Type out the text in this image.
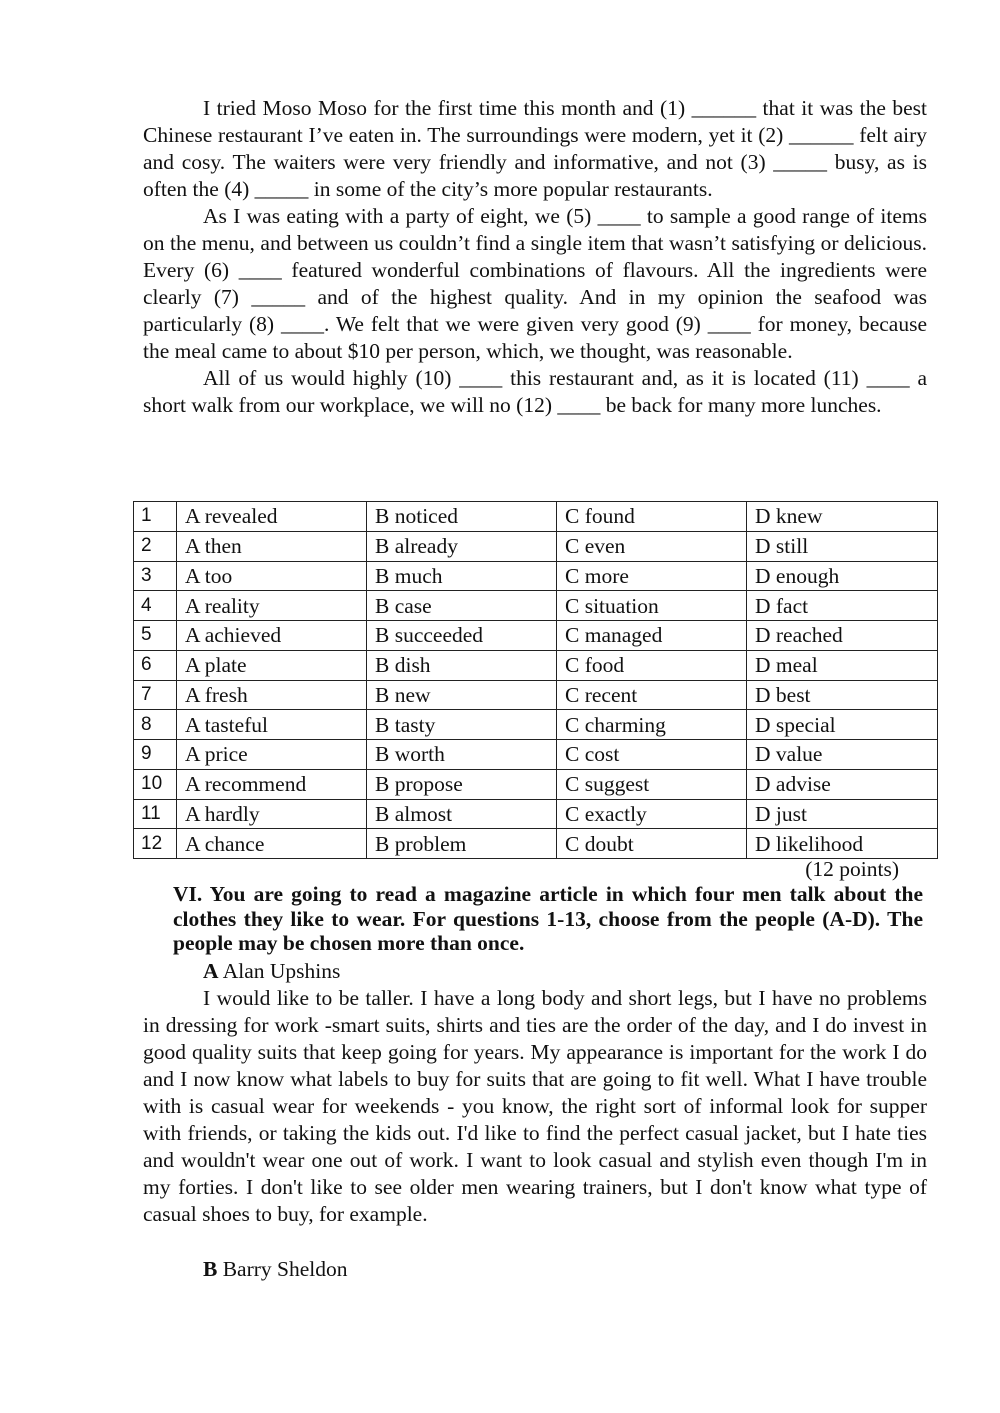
I tried Moso Moso for the first time this month and (1) ______ that it was the best Chinese restaurant I’ve eaten in. The surroundings were modern, yet it (2) ______ felt airy and cosy. The waiters were very friendly and informative, and not (3) _____ busy, as is often the (4) _____ in some of the city’s more popular restaurants.

As I was eating with a party of eight, we (5) ____ to sample a good range of items on the menu, and between us couldn’t find a single item that wasn’t satisfying or delicious. Every (6) ____ featured wonderful combinations of flavours. All the ingredients were clearly (7) _____ and of the highest quality. And in my opinion the seafood was particularly (8) ____. We felt that we were given very good (9) ____ for money, because the meal came to about $10 per person, which, we thought, was reasonable.

All of us would highly (10) ____ this restaurant and, as it is located (11) ____ a short walk from our workplace, we will no (12) ____ be back for many more lunches.

1	A revealed	B noticed	C found	D knew
2	A then	B already	C even	D still
3	A too	B much	C more	D enough
4	A reality	B case	C situation	D fact
5	A achieved	B succeeded	C managed	D reached
6	A plate	B dish	C food	D meal
7	A fresh	B new	C recent	D best
8	A tasteful	B tasty	C charming	D special
9	A price	B worth	C cost	D value
10	A recommend	B propose	C suggest	D advise
11	A hardly	B almost	C exactly	D just
12	A chance	B problem	C doubt	D likelihood
(12 points)

VI. You are going to read a magazine article in which four men talk about the clothes they like to wear. For questions 1-13, choose from the people (A-D). The people may be chosen more than once.

A Alan Upshins

I would like to be taller. I have a long body and short legs, but I have no problems in dressing for work -smart suits, shirts and ties are the order of the day, and I do invest in good quality suits that keep going for years. My appearance is important for the work I do and I now know what labels to buy for suits that are going to fit well. What I have trouble with is casual wear for weekends - you know, the right sort of informal look for supper with friends, or taking the kids out. I'd like to find the perfect casual jacket, but I hate ties and wouldn't wear one out of work. I want to look casual and stylish even though I'm in my forties. I don't like to see older men wearing trainers, but I don't know what type of casual shoes to buy, for example.

B Barry Sheldon
